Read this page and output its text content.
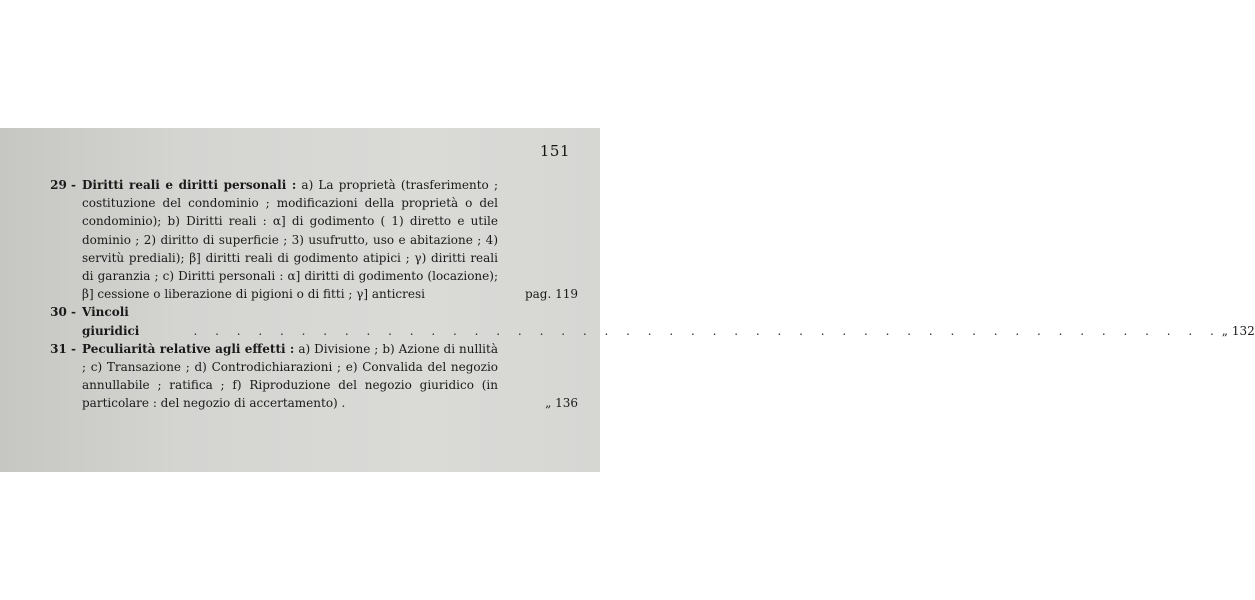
151
29 - Diritti reali e diritti personali : a) La proprietà (trasferimento ; costituzione del condominio ; modificazioni della proprietà o del condominio); b) Diritti reali : α] di godimento ( 1) diretto e utile dominio ; 2) diritto di superficie ; 3) usufrutto, uso e abitazione ; 4) servitù prediali); β] diritti reali di godimento atipici ; γ) diritti reali di garanzia ; c) Diritti personali : α] diritti di godimento (locazione); β] cessione o liberazione di pigioni o di fitti ; γ] anticresi	pag. 119
30 - Vincoli giuridici
. . .	„ 132
31 - Peculiarità relative agli effetti : a) Divisione ; b) Azione di nullità ; c) Transazione ; d) Controdichiarazioni ; e) Convalida del negozio annullabile ; ratifica ; f) Riproduzione del negozio giuridico (in particolare : del negozio di accertamento) .	„ 136
